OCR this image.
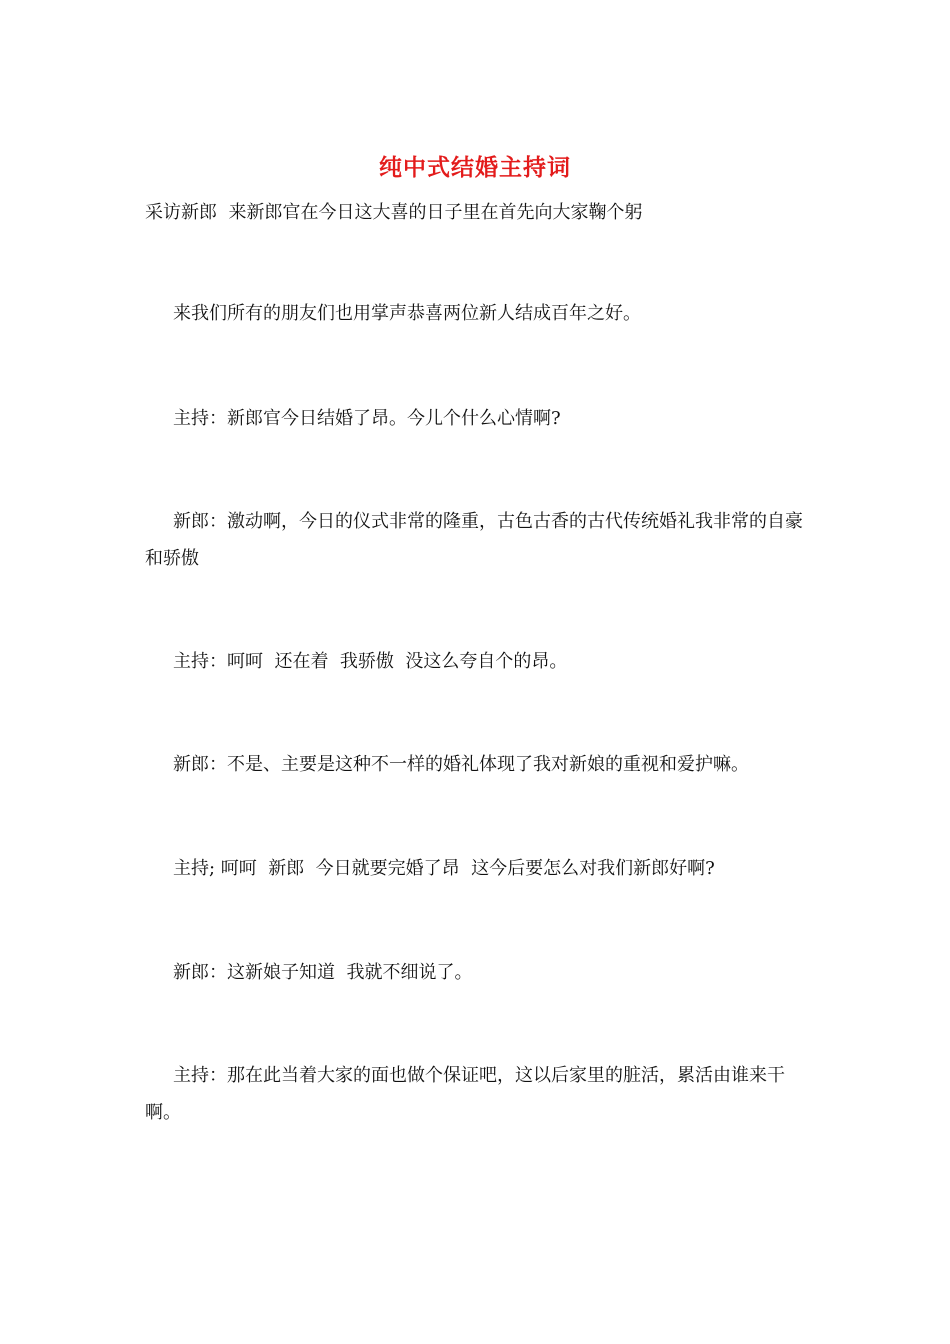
纯中式结婚主持词
采访新郎  来新郎官在今日这大喜的日子里在首先向大家鞠个躬
来我们所有的朋友们也用掌声恭喜两位新人结成百年之好。
主持：新郎官今日结婚了昂。今儿个什么心情啊?
新郎：激动啊，今日的仪式非常的隆重，古色古香的古代传统婚礼我非常的自豪和骄傲
主持：呵呵  还在着  我骄傲  没这么夸自个的昂。
新郎：不是、主要是这种不一样的婚礼体现了我对新娘的重视和爱护嘛。
主持; 呵呵  新郎  今日就要完婚了昂  这今后要怎么对我们新郎好啊?
新郎：这新娘子知道  我就不细说了。
主持：那在此当着大家的面也做个保证吧，这以后家里的脏活，累活由谁来干啊。
